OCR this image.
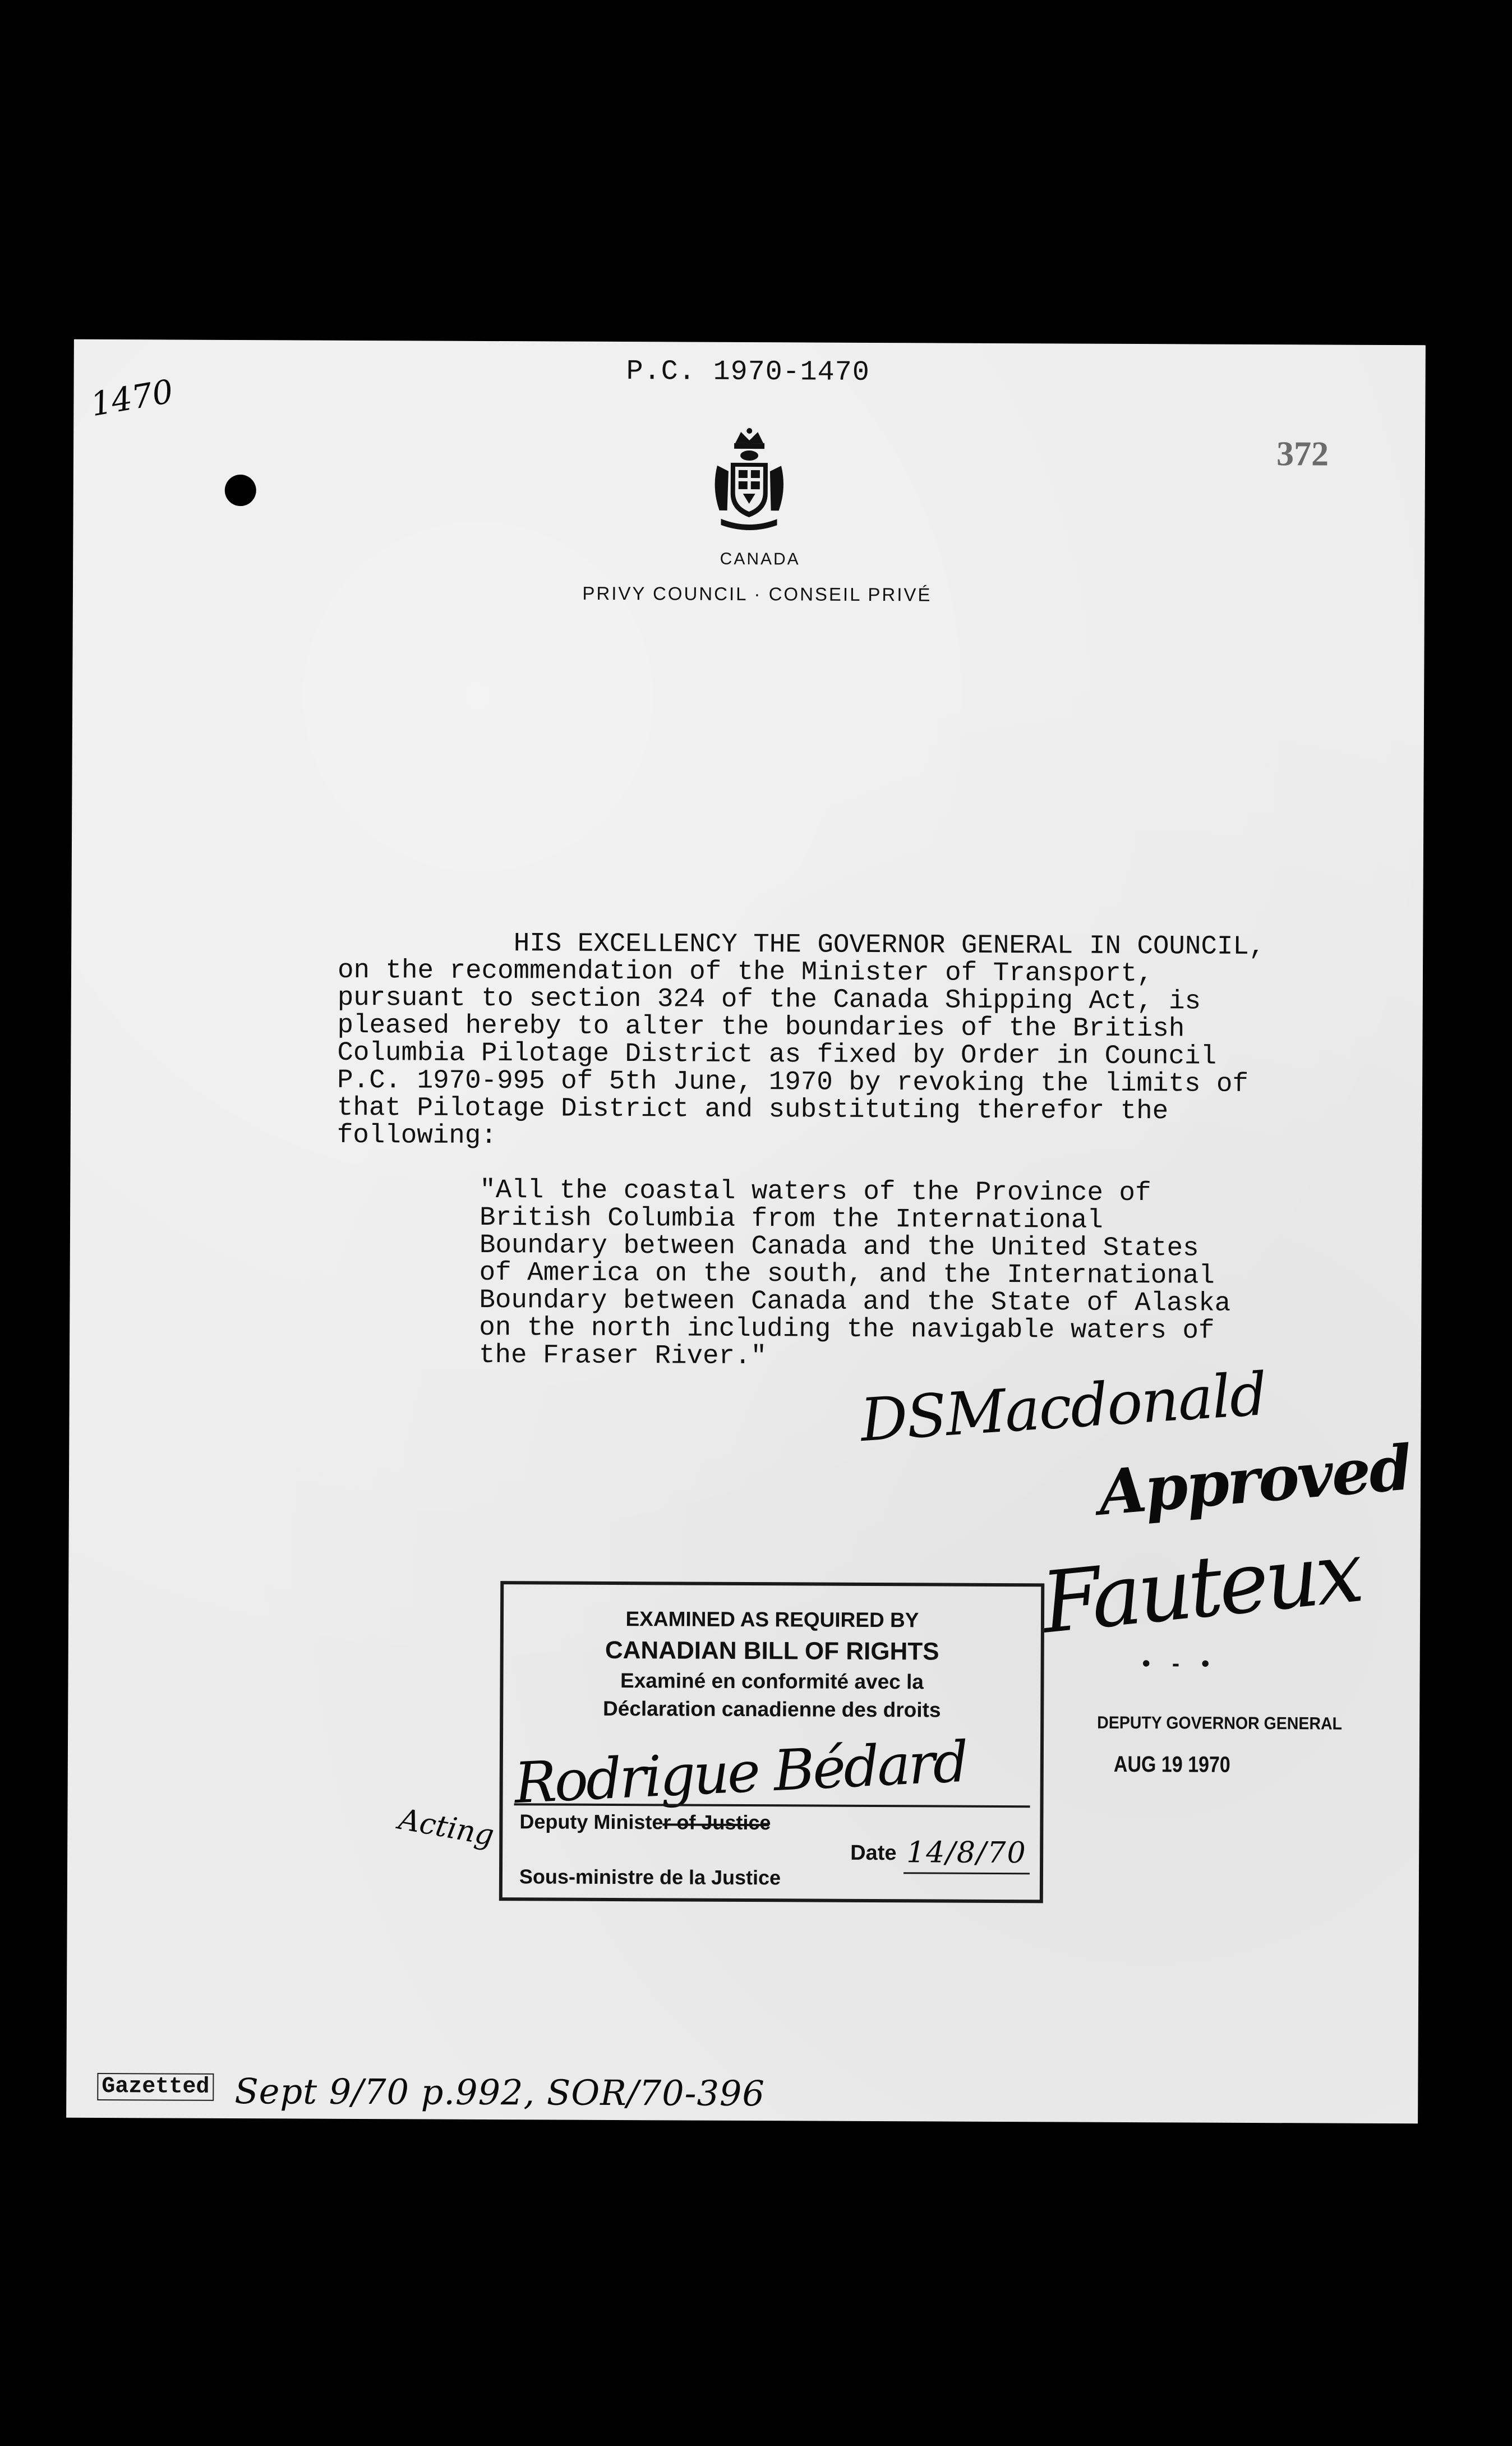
P.C. 1970-1470
1470
372
CANADA
PRIVY COUNCIL · CONSEIL PRIVÉ
HIS EXCELLENCY THE GOVERNOR GENERAL IN COUNCIL,
on the recommendation of the Minister of Transport,
pursuant to section 324 of the Canada Shipping Act, is
pleased hereby to alter the boundaries of the British
Columbia Pilotage District as fixed by Order in Council
P.C. 1970-995 of 5th June, 1970 by revoking the limits of
that Pilotage District and substituting therefor the
following:
"All the coastal waters of the Province of
British Columbia from the International
Boundary between Canada and the United States
of America on the south, and the International
Boundary between Canada and the State of Alaska
on the north including the navigable waters of
the Fraser River."
DSMacdonald
Approved
Fauteux
• - •
DEPUTY GOVERNOR GENERAL
AUG 19 1970
Acting
EXAMINED AS REQUIRED BY
CANADIAN BILL OF RIGHTS
Examiné en conformité avec la
Déclaration canadienne des droits
Rodrigue Bédard
Deputy Minister of Justice
Date 14/8/70
Sous-ministre de la Justice
Gazetted Sept 9/70 p.992, SOR/70-396
